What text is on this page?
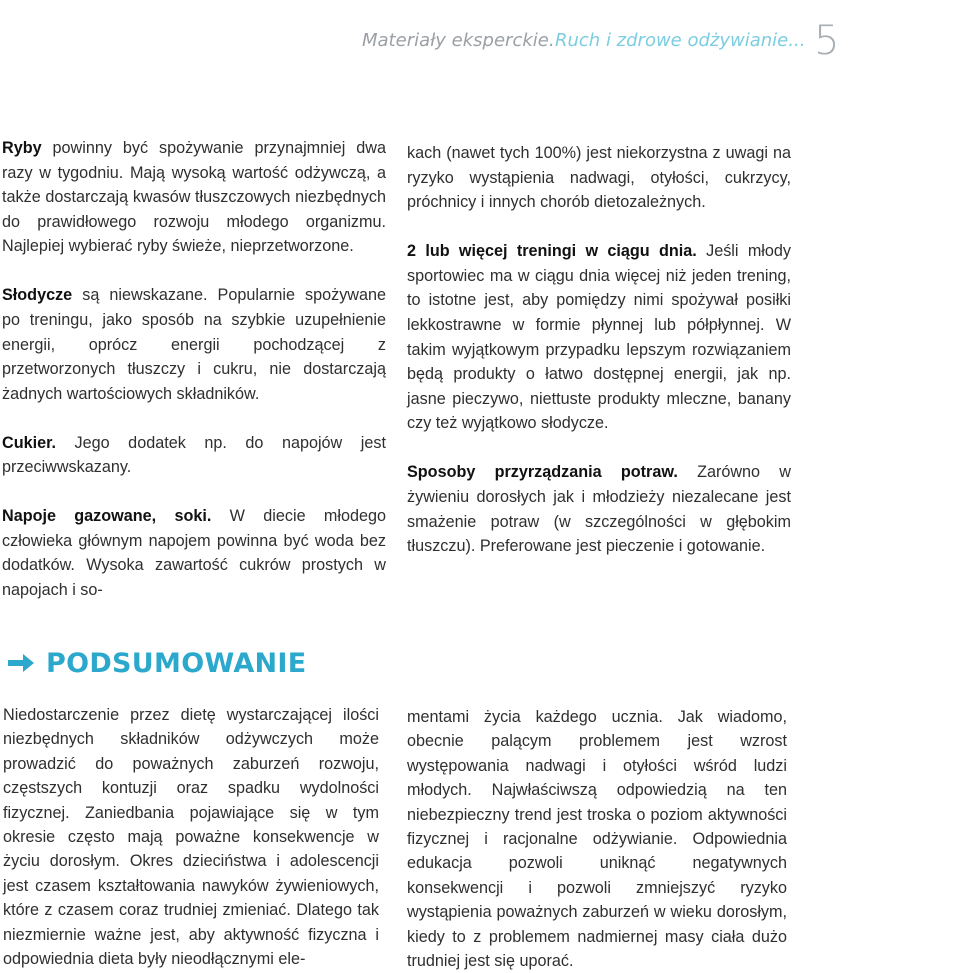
Materiały eksperckie. Ruch i zdrowe odżywianie... 5

Ryby powinny być spożywanie przynajmniej dwa razy w tygodniu. Mają wysoką wartość odżywczą, a także dostarczają kwasów tłuszczowych niezbędnych do prawidłowego rozwoju młodego organizmu. Najlepiej wybierać ryby świeże, nieprzetworzone.

Słodycze są niewskazane. Popularnie spożywane po treningu, jako sposób na szybkie uzupełnienie energii, oprócz energii pochodzącej z przetworzonych tłuszczy i cukru, nie dostarczają żadnych wartościowych składników.

Cukier. Jego dodatek np. do napojów jest przeciwwskazany.

Napoje gazowane, soki. W diecie młodego człowieka głównym napojem powinna być woda bez dodatków. Wysoka zawartość cukrów prostych w napojach i so-

kach (nawet tych 100%) jest niekorzystna z uwagi na ryzyko wystąpienia nadwagi, otyłości, cukrzycy, próchnicy i innych chorób dietozależnych.

2 lub więcej treningi w ciągu dnia. Jeśli młody sportowiec ma w ciągu dnia więcej niż jeden trening, to istotne jest, aby pomiędzy nimi spożywał posiłki lekkostrawne w formie płynnej lub półpłynnej. W takim wyjątkowym przypadku lepszym rozwiązaniem będą produkty o łatwo dostępnej energii, jak np. jasne pieczywo, niettuste produkty mleczne, banany czy też wyjątkowo słodycze.

Sposoby przyrządzania potraw. Zarówno w żywieniu dorosłych jak i młodzieży niezalecane jest smażenie potraw (w szczególności w głębokim tłuszczu). Preferowane jest pieczenie i gotowanie.

PODSUMOWANIE

Niedostarczenie przez dietę wystarczającej ilości niezbędnych składników odżywczych może prowadzić do poważnych zaburzeń rozwoju, częstszych kontuzji oraz spadku wydolności fizycznej. Zaniedbania pojawiające się w tym okresie często mają poważne konsekwencje w życiu dorosłym. Okres dzieciństwa i adolescencji jest czasem kształtowania nawyków żywieniowych, które z czasem coraz trudniej zmieniać. Dlatego tak niezmiernie ważne jest, aby aktywność fizyczna i odpowiednia dieta były nieodłącznymi ele-

mentami życia każdego ucznia. Jak wiadomo, obecnie palącym problemem jest wzrost występowania nadwagi i otyłości wśród ludzi młodych. Najwłaściwszą odpowiedzią na ten niebezpieczny trend jest troska o poziom aktywności fizycznej i racjonalne odżywianie. Odpowiednia edukacja pozwoli uniknąć negatywnych konsekwencji i pozwoli zmniejszyć ryzyko wystąpienia poważnych zaburzeń w wieku dorosłym, kiedy to z problemem nadmiernej masy ciała dużo trudniej jest się uporać.
